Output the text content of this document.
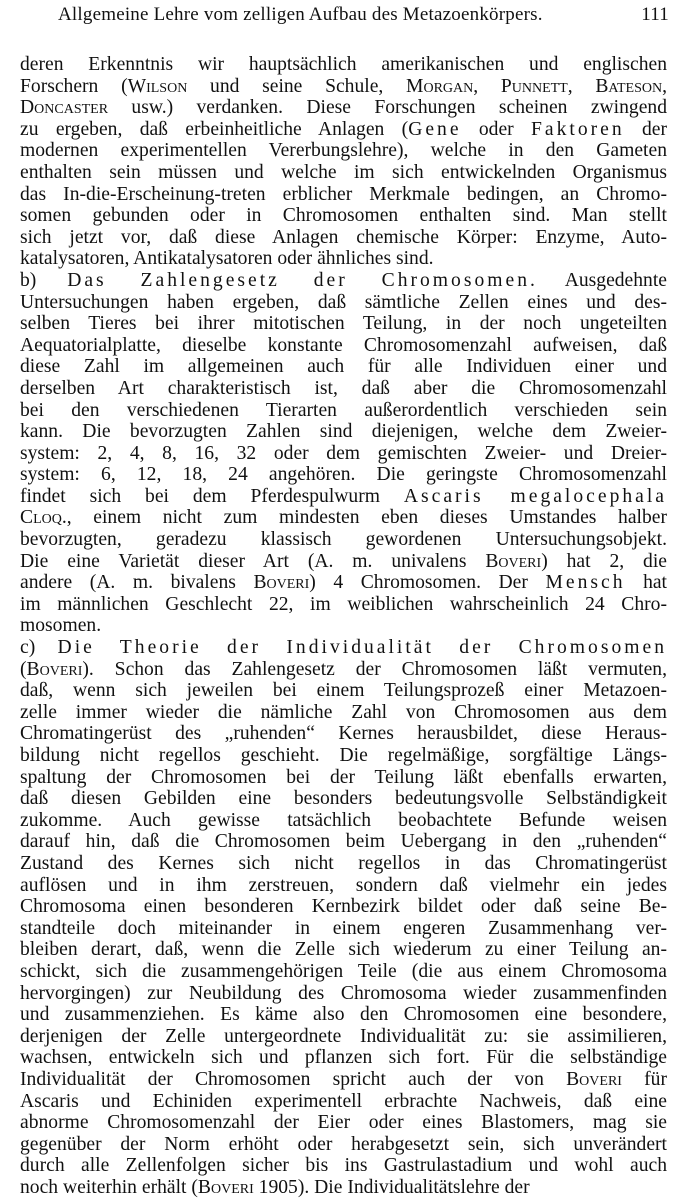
Allgemeine Lehre vom zelligen Aufbau des Metazoenkörpers.	111
deren Erkenntnis wir hauptsächlich amerikanischen und englischen
Forschern (Wilson und seine Schule, Morgan, Punnett, Bateson,
Doncaster usw.) verdanken. Diese Forschungen scheinen zwingend
zu ergeben, daß erbeinheitliche Anlagen (Gene oder Faktoren der
modernen experimentellen Vererbungslehre), welche in den Gameten
enthalten sein müssen und welche im sich entwickelnden Organismus
das In-die-Erscheinung-treten erblicher Merkmale bedingen, an Chromo-
somen gebunden oder in Chromosomen enthalten sind. Man stellt
sich jetzt vor, daß diese Anlagen chemische Körper: Enzyme, Auto-
katalysatoren, Antikatalysatoren oder ähnliches sind.
b) Das Zahlengesetz der Chromosomen. Ausgedehnte
Untersuchungen haben ergeben, daß sämtliche Zellen eines und des-
selben Tieres bei ihrer mitotischen Teilung, in der noch ungeteilten
Aequatorialplatte, dieselbe konstante Chromosomenzahl aufweisen, daß
diese Zahl im allgemeinen auch für alle Individuen einer und
derselben Art charakteristisch ist, daß aber die Chromosomenzahl
bei den verschiedenen Tierarten außerordentlich verschieden sein
kann. Die bevorzugten Zahlen sind diejenigen, welche dem Zweier-
system: 2, 4, 8, 16, 32 oder dem gemischten Zweier- und Dreier-
system: 6, 12, 18, 24 angehören. Die geringste Chromosomenzahl
findet sich bei dem Pferdespulwurm Ascaris megalocephala
Cloq., einem nicht zum mindesten eben dieses Umstandes halber
bevorzugten, geradezu klassisch gewordenen Untersuchungsobjekt.
Die eine Varietät dieser Art (A. m. univalens Boveri) hat 2, die
andere (A. m. bivalens Boveri) 4 Chromosomen. Der Mensch hat
im männlichen Geschlecht 22, im weiblichen wahrscheinlich 24 Chro-
mosomen.
c) Die Theorie der Individualität der Chromosomen
(Boveri). Schon das Zahlengesetz der Chromosomen läßt vermuten,
daß, wenn sich jeweilen bei einem Teilungsprozeß einer Metazoen-
zelle immer wieder die nämliche Zahl von Chromosomen aus dem
Chromatingerüst des „ruhenden“ Kernes herausbildet, diese Heraus-
bildung nicht regellos geschieht. Die regelmäßige, sorgfältige Längs-
spaltung der Chromosomen bei der Teilung läßt ebenfalls erwarten,
daß diesen Gebilden eine besonders bedeutungsvolle Selbständigkeit
zukomme. Auch gewisse tatsächlich beobachtete Befunde weisen
darauf hin, daß die Chromosomen beim Uebergang in den „ruhenden“
Zustand des Kernes sich nicht regellos in das Chromatingerüst
auflösen und in ihm zerstreuen, sondern daß vielmehr ein jedes
Chromosoma einen besonderen Kernbezirk bildet oder daß seine Be-
standteile doch miteinander in einem engeren Zusammenhang ver-
bleiben derart, daß, wenn die Zelle sich wiederum zu einer Teilung an-
schickt, sich die zusammengehörigen Teile (die aus einem Chromosoma
hervorgingen) zur Neubildung des Chromosoma wieder zusammenfinden
und zusammenziehen. Es käme also den Chromosomen eine besondere,
derjenigen der Zelle untergeordnete Individualität zu: sie assimilieren,
wachsen, entwickeln sich und pflanzen sich fort. Für die selbständige
Individualität der Chromosomen spricht auch der von Boveri für
Ascaris und Echiniden experimentell erbrachte Nachweis, daß eine
abnorme Chromosomenzahl der Eier oder eines Blastomers, mag sie
gegenüber der Norm erhöht oder herabgesetzt sein, sich unverändert
durch alle Zellenfolgen sicher bis ins Gastrulastadium und wohl auch
noch weiterhin erhält (Boveri 1905). Die Individualitätslehre der
